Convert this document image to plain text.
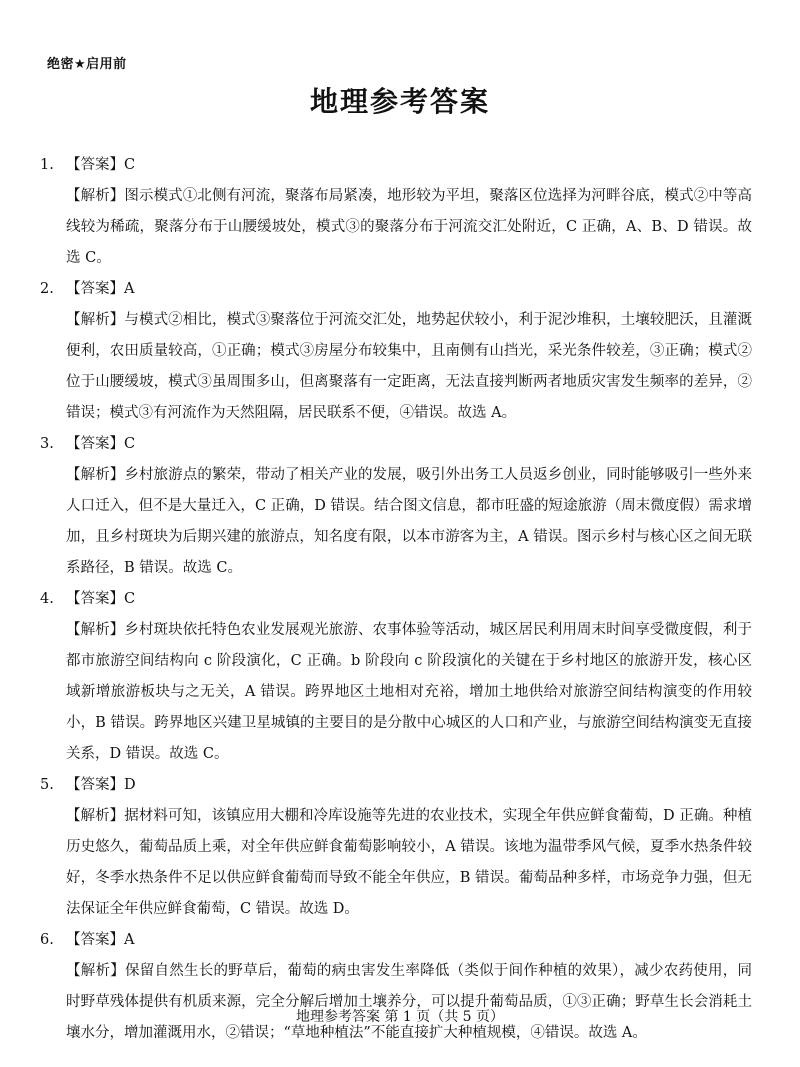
绝密★启用前
地理参考答案
1. 【答案】C
【解析】图示模式①北侧有河流，聚落布局紧凑，地形较为平坦，聚落区位选择为河畔谷底，模式②中等高线较为稀疏，聚落分布于山腰缓坡处，模式③的聚落分布于河流交汇处附近，C 正确，A、B、D 错误。故选 C。
2. 【答案】A
【解析】与模式②相比，模式③聚落位于河流交汇处，地势起伏较小，利于泥沙堆积，土壤较肥沃，且灌溉便利，农田质量较高，①正确；模式③房屋分布较集中，且南侧有山挡光，采光条件较差，③正确；模式②位于山腰缓坡，模式③虽周围多山，但离聚落有一定距离，无法直接判断两者地质灾害发生频率的差异，②错误；模式③有河流作为天然阻隔，居民联系不便，④错误。故选 A。
3. 【答案】C
【解析】乡村旅游点的繁荣，带动了相关产业的发展，吸引外出务工人员返乡创业，同时能够吸引一些外来人口迁入，但不是大量迁入，C 正确，D 错误。结合图文信息，都市旺盛的短途旅游（周末微度假）需求增加，且乡村斑块为后期兴建的旅游点，知名度有限，以本市游客为主，A 错误。图示乡村与核心区之间无联系路径，B 错误。故选 C。
4. 【答案】C
【解析】乡村斑块依托特色农业发展观光旅游、农事体验等活动，城区居民利用周末时间享受微度假，利于都市旅游空间结构向 c 阶段演化，C 正确。b 阶段向 c 阶段演化的关键在于乡村地区的旅游开发，核心区域新增旅游板块与之无关，A 错误。跨界地区土地相对充裕，增加土地供给对旅游空间结构演变的作用较小，B 错误。跨界地区兴建卫星城镇的主要目的是分散中心城区的人口和产业，与旅游空间结构演变无直接关系，D 错误。故选 C。
5. 【答案】D
【解析】据材料可知，该镇应用大棚和冷库设施等先进的农业技术，实现全年供应鲜食葡萄，D 正确。种植历史悠久，葡萄品质上乘，对全年供应鲜食葡萄影响较小，A 错误。该地为温带季风气候，夏季水热条件较好，冬季水热条件不足以供应鲜食葡萄而导致不能全年供应，B 错误。葡萄品种多样，市场竞争力强，但无法保证全年供应鲜食葡萄，C 错误。故选 D。
6. 【答案】A
【解析】保留自然生长的野草后，葡萄的病虫害发生率降低（类似于间作种植的效果），减少农药使用，同时野草残体提供有机质来源，完全分解后增加土壤养分，可以提升葡萄品质，①③正确；野草生长会消耗土壤水分，增加灌溉用水，②错误；“草地种植法”不能直接扩大种植规模，④错误。故选 A。
地理参考答案 第 1 页（共 5 页）
